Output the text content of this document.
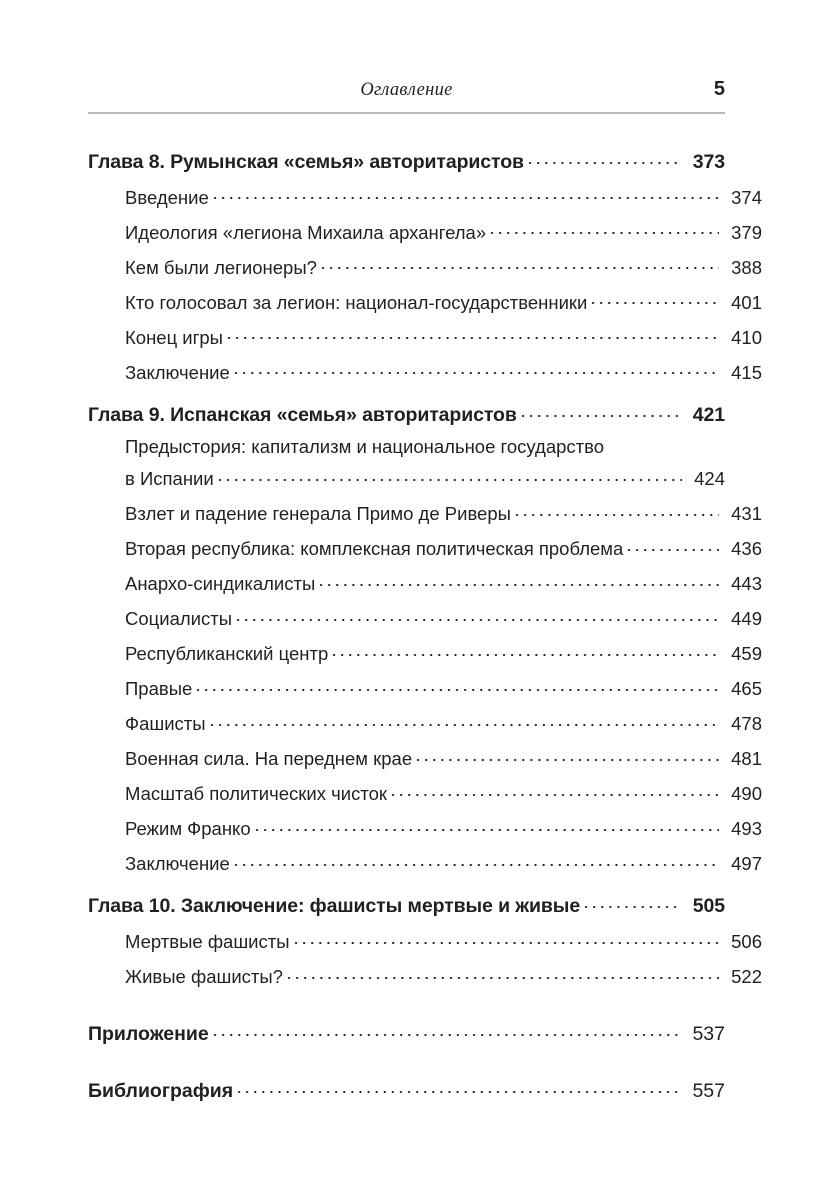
Оглавление	5
Глава 8. Румынская «семья» авторитаристов	373
Введение	374
Идеология «легиона Михаила архангела»	379
Кем были легионеры?	388
Кто голосовал за легион: национал-государственники	401
Конец игры	410
Заключение	415
Глава 9. Испанская «семья» авторитаристов	421
Предыстория: капитализм и национальное государство
в Испании	424
Взлет и падение генерала Примо де Риверы	431
Вторая республика: комплексная политическая проблема	436
Анархо-синдикалисты	443
Социалисты	449
Республиканский центр	459
Правые	465
Фашисты	478
Военная сила. На переднем крае	481
Масштаб политических чисток	490
Режим Франко	493
Заключение	497
Глава 10. Заключение: фашисты мертвые и живые	505
Мертвые фашисты	506
Живые фашисты?	522
Приложение	537
Библиография	557
